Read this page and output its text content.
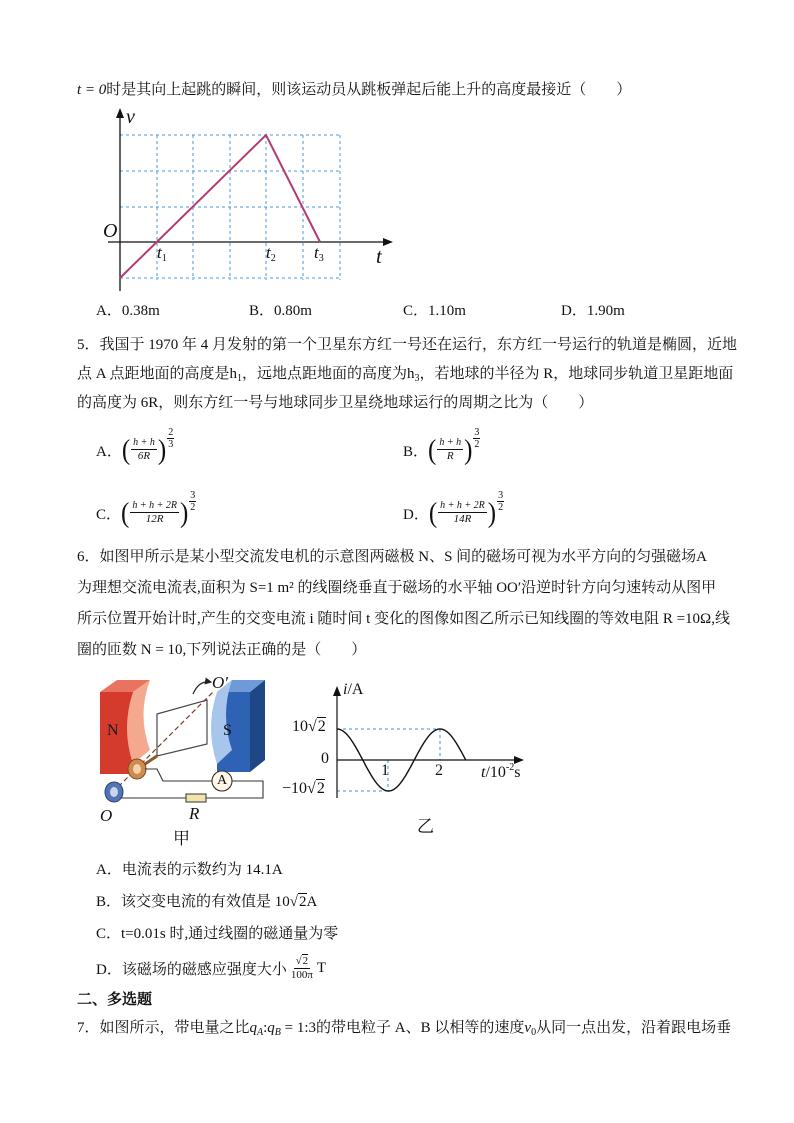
t = 0时是其向上起跳的瞬间，则该运动员从跳板弹起后能上升的高度最接近（　　）
v
O
$t_1$	$t_2$ $t_3$ t
A．0.38m	B．0.80m	C．1.10m	D．1.90m
5．我国于 1970 年 4 月发射的第一个卫星东方红一号还在运行，东方红一号运行的轨道是椭圆，近地
点 A 点距地面的高度是$h_1$，远地点距地面的高度为$h_3$，若地球的半径为 R，地球同步轨道卫星距地面
的高度为 6R，则东方红一号与地球同步卫星绕地球运行的周期之比为（　　）
A． ( $\frac{h + h}{6R}$ ) $\frac{2}{3}$
B． ( $\frac{h + h}{R}$ ) $\frac{3}{2}$
C． ( $\frac{h + h + 2R}{12R}$ ) $\frac{3}{2}$
D． ( $\frac{h + h + 2R}{14R}$ ) $\frac{3}{2}$
6．如图甲所示是某小型交流发电机的示意图两磁极 N、S 间的磁场可视为水平方向的匀强磁场A
为理想交流电流表,面积为 S=1 m² 的线圈绕垂直于磁场的水平轴 OO′沿逆时针方向匀速转动从图甲
所示位置开始计时,产生的交变电流 i 随时间 t 变化的图像如图乙所示已知线圈的等效电阻 R =10Ω,线
圈的匝数 N = 10,下列说法正确的是（　　）
O′
N	S
A
R
O
甲
i/A
10√2
0
−10√2
1	2 $t/10^{-2}s$
乙
A．电流表的示数约为 14.1A
B．该交变电流的有效值是 10√2A
C．t=0.01s 时,通过线圈的磁通量为零
D．该磁场的磁感应强度大小 $\frac{√2}{100\pi}$ T
二、多选题
7．如图所示，带电量之比$q_A:q_B$ = 1:3的带电粒子 A、B 以相等的速度$v_0$从同一点出发，沿着跟电场垂
